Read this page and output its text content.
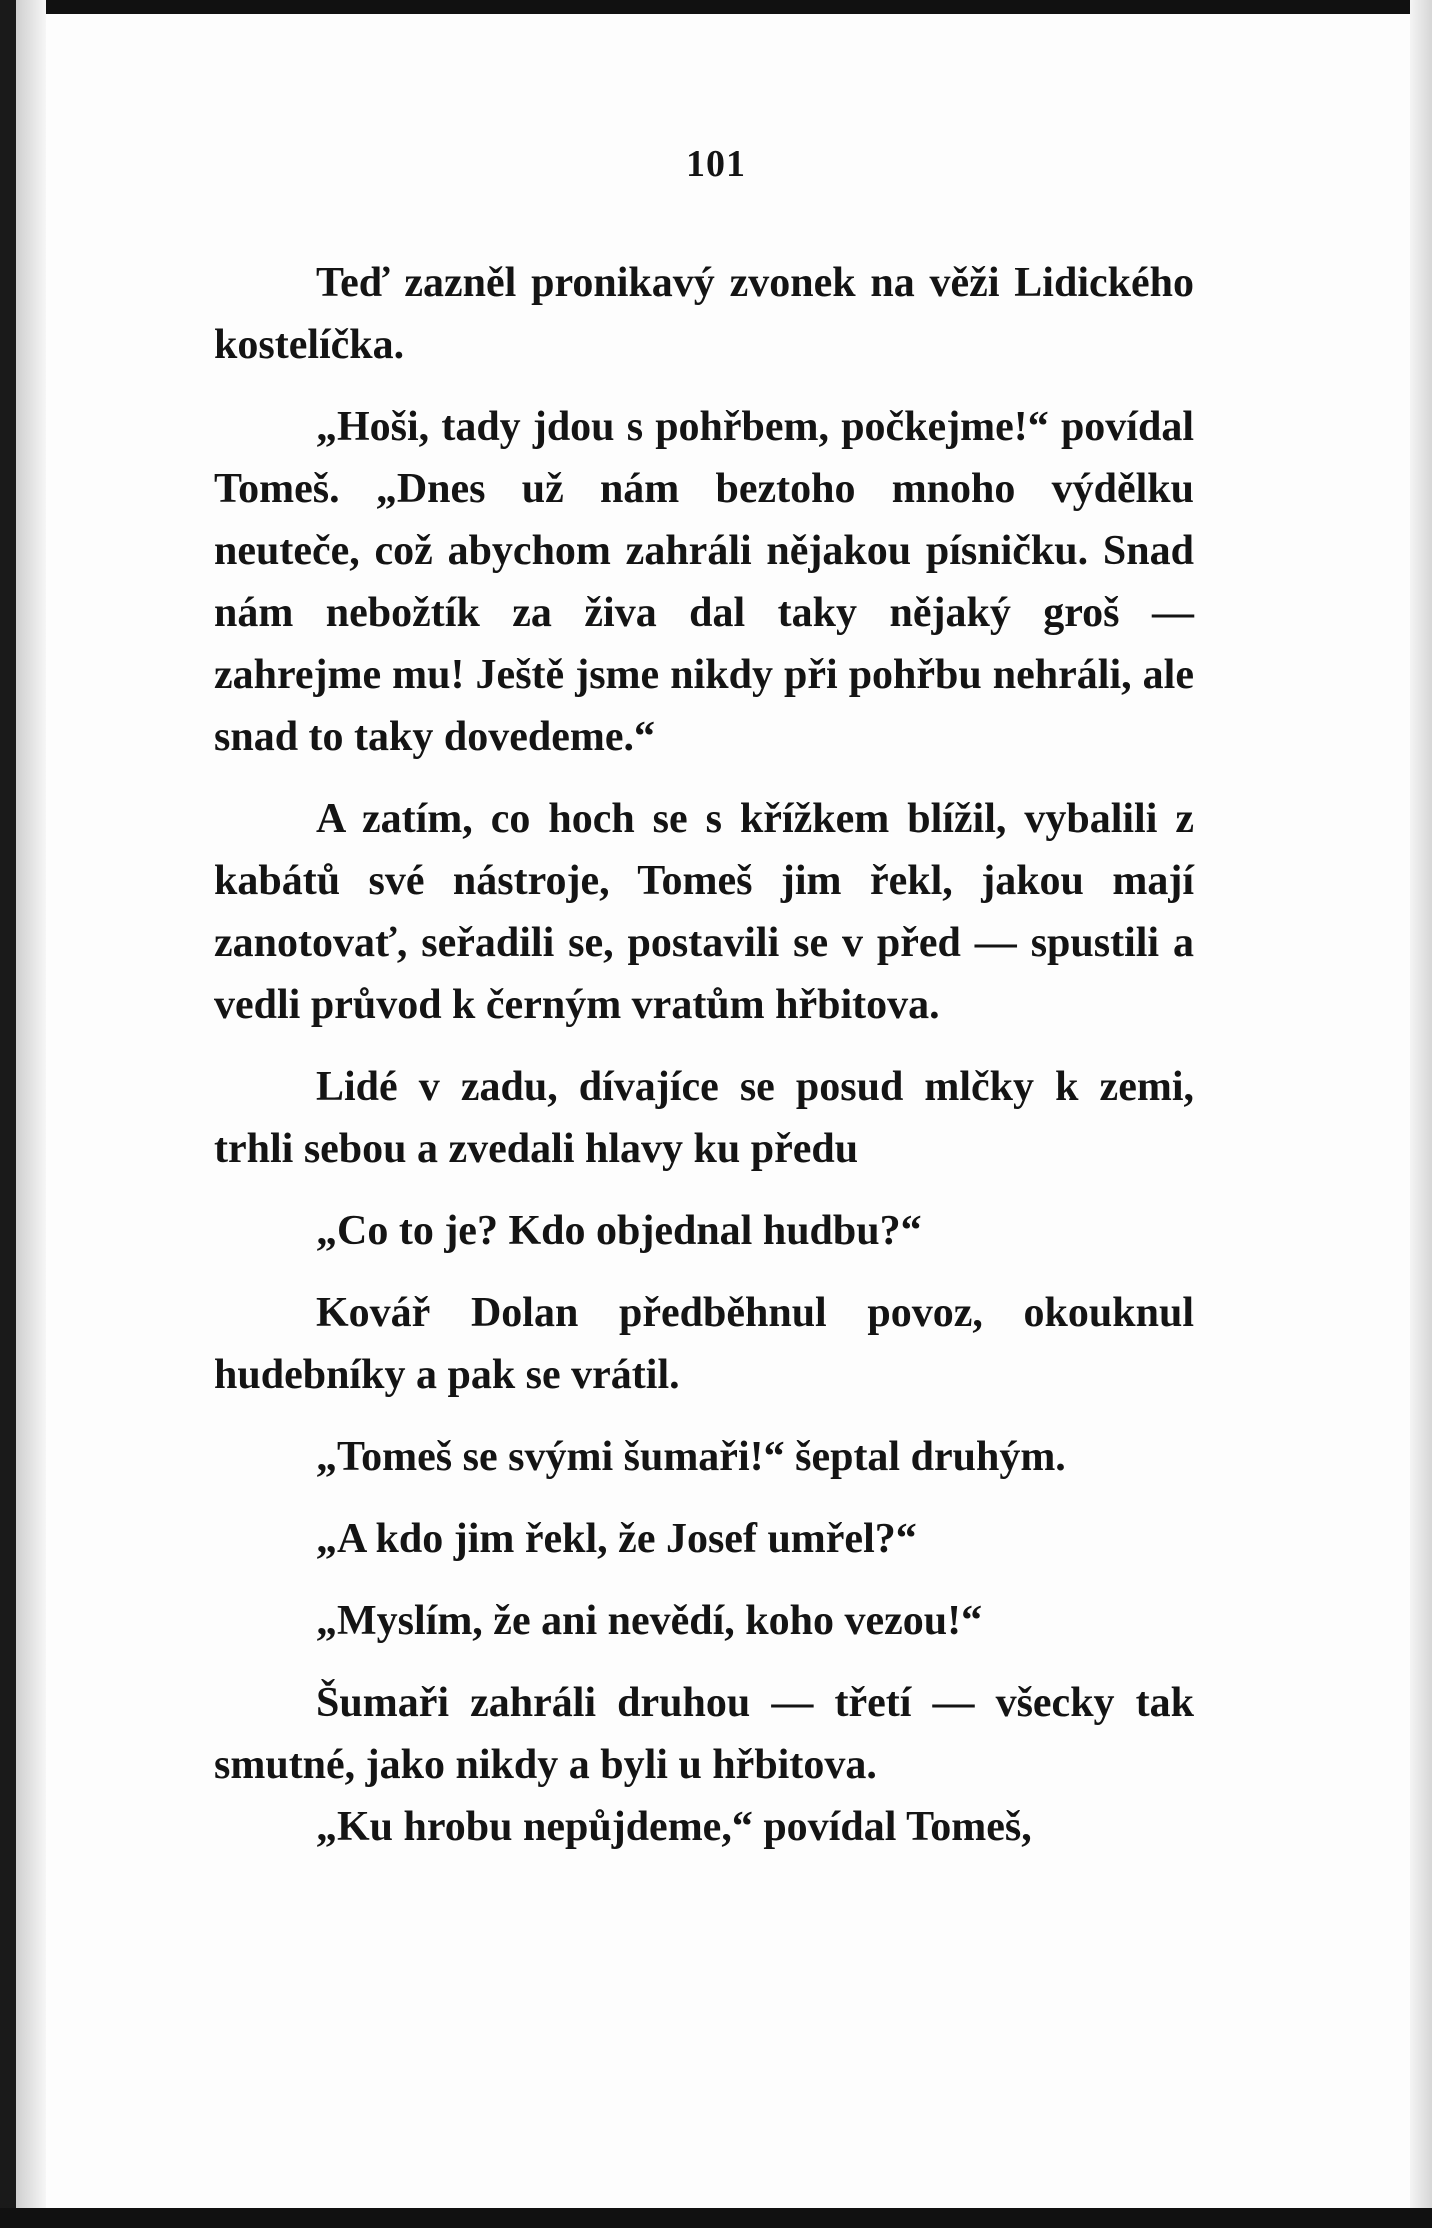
101

Teď zazněl pronikavý zvonek na věži Lidického kostelíčka.

„Hoši, tady jdou s pohřbem, počkejme!“ povídal Tomeš. „Dnes už nám beztoho mnoho výdělku neuteče, což abychom zahráli nějakou písničku. Snad nám nebožtík za živa dal taky nějaký groš — zahrejme mu! Ještě jsme nikdy při pohřbu nehráli, ale snad to taky dovedeme.“

A zatím, co hoch se s křížkem blížil, vybalili z kabátů své nástroje, Tomeš jim řekl, jakou mají zanotovať, seřadili se, postavili se v před — spustili a vedli průvod k černým vratům hřbitova.

Lidé v zadu, dívajíce se posud mlčky k zemi, trhli sebou a zvedali hlavy ku předu

„Co to je? Kdo objednal hudbu?“

Kovář Dolan předběhnul povoz, okouknul hudebníky a pak se vrátil.

„Tomeš se svými šumaři!“ šeptal druhým.

„A kdo jim řekl, že Josef umřel?“

„Myslím, že ani nevědí, koho vezou!“

Šumaři zahráli druhou — třetí — všecky tak smutné, jako nikdy a byli u hřbitova.

„Ku hrobu nepůjdeme,“ povídal Tomeš,
